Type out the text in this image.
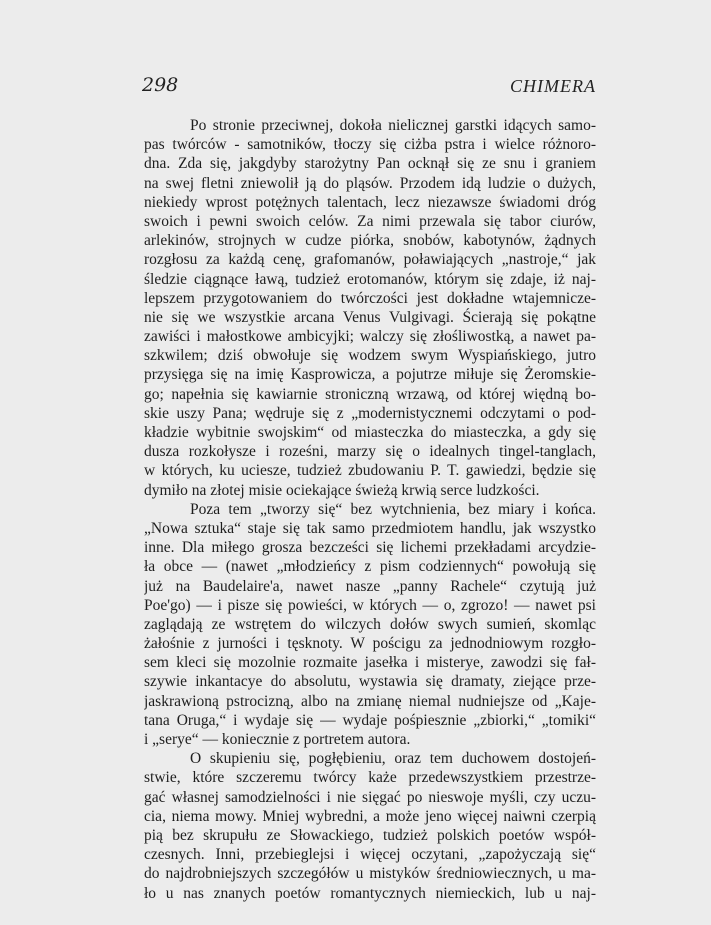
298	CHIMERA
Po stronie przeciwnej, dokoła nielicznej garstki idących samo-
pas twórców - samotników, tłoczy się ciżba pstra i wielce różnoro-
dna. Zda się, jakgdyby starożytny Pan ocknął się ze snu i graniem
na swej fletni zniewolił ją do pląsów. Przodem idą ludzie o dużych,
niekiedy wprost potężnych talentach, lecz niezawsze świadomi dróg
swoich i pewni swoich celów. Za nimi przewala się tabor ciurów,
arlekinów, strojnych w cudze piórka, snobów, kabotynów, żądnych
rozgłosu za każdą cenę, grafomanów, poławiających „nastroje,“ jak
śledzie ciągnące ławą, tudzież erotomanów, którym się zdaje, iż naj-
lepszem przygotowaniem do twórczości jest dokładne wtajemnicze-
nie się we wszystkie arcana Venus Vulgivagi. Ścierają się pokątne
zawiści i małostkowe ambicyjki; walczy się złośliwostką, a nawet pa-
szkwilem; dziś obwołuje się wodzem swym Wyspiańskiego, jutro
przysięga się na imię Kasprowicza, a pojutrze miłuje się Żeromskie-
go; napełnia się kawiarnie stroniczną wrzawą, od której więdną bo-
skie uszy Pana; wędruje się z „modernistycznemi odczytami o pod-
kładzie wybitnie swojskim“ od miasteczka do miasteczka, a gdy się
dusza rozkołysze i roześni, marzy się o idealnych tingel-tanglach,
w których, ku uciesze, tudzież zbudowaniu P. T. gawiedzi, będzie się
dymiło na złotej misie ociekające świeżą krwią serce ludzkości.
Poza tem „tworzy się“ bez wytchnienia, bez miary i końca.
„Nowa sztuka“ staje się tak samo przedmiotem handlu, jak wszystko
inne. Dla miłego grosza bezcześci się lichemi przekładami arcydzie-
ła obce — (nawet „młodzieńcy z pism codziennych“ powołują się
już na Baudelaire'a, nawet nasze „panny Rachele“ czytują już
Poe'go) — i pisze się powieści, w których — o, zgrozo! — nawet psi
zaglądają ze wstrętem do wilczych dołów swych sumień, skomląc
żałośnie z jurności i tęsknoty. W pościgu za jednodniowym rozgło-
sem kleci się mozolnie rozmaite jasełka i misterye, zawodzi się fał-
szywie inkantacye do absolutu, wystawia się dramaty, ziejące prze-
jaskrawioną pstrocizną, albo na zmianę niemal nudniejsze od „Kaje-
tana Oruga,“ i wydaje się — wydaje pośpiesznie „zbiorki,“ „tomiki“
i „serye“ — koniecznie z portretem autora.
O skupieniu się, pogłębieniu, oraz tem duchowem dostojeń-
stwie, które szczeremu twórcy każe przedewszystkiem przestrze-
gać własnej samodzielności i nie sięgać po nieswoje myśli, czy uczu-
cia, niema mowy. Mniej wybredni, a może jeno więcej naiwni czerpią
pią bez skrupułu ze Słowackiego, tudzież polskich poetów współ-
czesnych. Inni, przebieglejsi i więcej oczytani, „zapożyczają się“
do najdrobniejszych szczegółów u mistyków średniowiecznych, u ma-
ło u nas znanych poetów romantycznych niemieckich, lub u naj-
